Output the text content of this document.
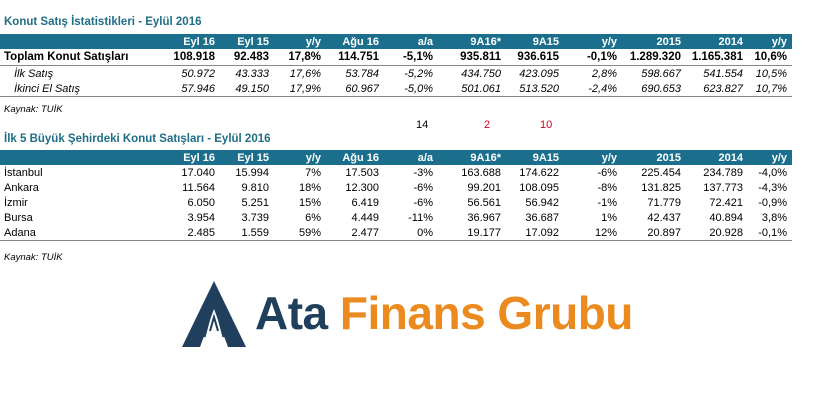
Konut Satış İstatistikleri - Eylül 2016
	Eyl 16	Eyl 15	y/y	Ağu 16	a/a	9A16*	9A15	y/y	2015	2014	y/y
Toplam Konut Satışları	108.918	92.483	17,8%	114.751	-5,1%	935.811	936.615	-0,1%	1.289.320	1.165.381	10,6%
İlk Satış	50.972	43.333	17,6%	53.784	-5,2%	434.750	423.095	2,8%	598.667	541.554	10,5%
İkinci El Satış	57.946	49.150	17,9%	60.967	-5,0%	501.061	513.520	-2,4%	690.653	623.827	10,7%
Kaynak: TUİK
14	2	10
İlk 5 Büyük Şehirdeki Konut Satışları - Eylül 2016
	Eyl 16	Eyl 15	y/y	Ağu 16	a/a	9A16*	9A15	y/y	2015	2014	y/y
İstanbul	17.040	15.994	7%	17.503	-3%	163.688	174.622	-6%	225.454	234.789	-4,0%
Ankara	11.564	9.810	18%	12.300	-6%	99.201	108.095	-8%	131.825	137.773	-4,3%
İzmir	6.050	5.251	15%	6.419	-6%	56.561	56.942	-1%	71.779	72.421	-0,9%
Bursa	3.954	3.739	6%	4.449	-11%	36.967	36.687	1%	42.437	40.894	3,8%
Adana	2.485	1.559	59%	2.477	0%	19.177	17.092	12%	20.897	20.928	-0,1%
Kaynak: TUİK
Ata Finans Grubu
